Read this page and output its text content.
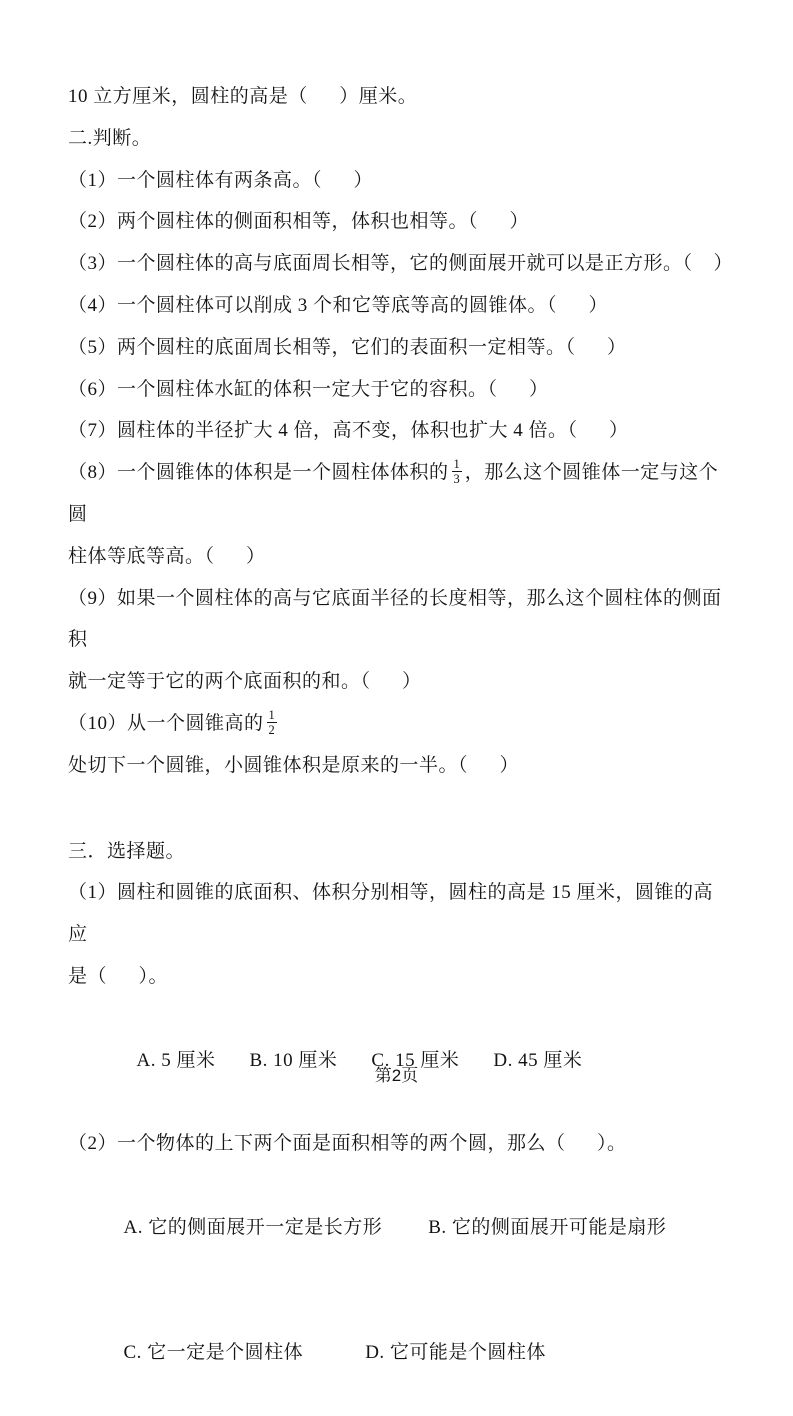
10 立方厘米，圆柱的高是（      ）厘米。

二.判断。

（1）一个圆柱体有两条高。（      ）

（2）两个圆柱体的侧面积相等，体积也相等。（      ）

（3）一个圆柱体的高与底面周长相等，它的侧面展开就可以是正方形。（    ）

（4）一个圆柱体可以削成 3 个和它等底等高的圆锥体。（      ）

（5）两个圆柱的底面周长相等，它们的表面积一定相等。（      ）

（6）一个圆柱体水缸的体积一定大于它的容积。（      ）

（7）圆柱体的半径扩大 4 倍，高不变，体积也扩大 4 倍。（      ）

（8）一个圆锥体的体积是一个圆柱体体积的 $\frac{1}{3}$ ，那么这个圆锥体一定与这个圆

柱体等底等高。（      ）

（9）如果一个圆柱体的高与它底面半径的长度相等，那么这个圆柱体的侧面积

就一定等于它的两个底面积的和。（      ）

（10）从一个圆锥高的 $\frac{1}{2}$
处切下一个圆锥，小圆锥体积是原来的一半。（      ）

三．选择题。

（1）圆柱和圆锥的底面积、体积分别相等，圆柱的高是 15 厘米，圆锥的高应

是（      ）。

A. 5 厘米 B. 10 厘米 C. 15 厘米 D. 45 厘米

（2）一个物体的上下两个面是面积相等的两个圆，那么（      ）。

A. 它的侧面展开一定是长方形 B. 它的侧面展开可能是扇形

C. 它一定是个圆柱体	D. 它可能是个圆柱体

第2页
